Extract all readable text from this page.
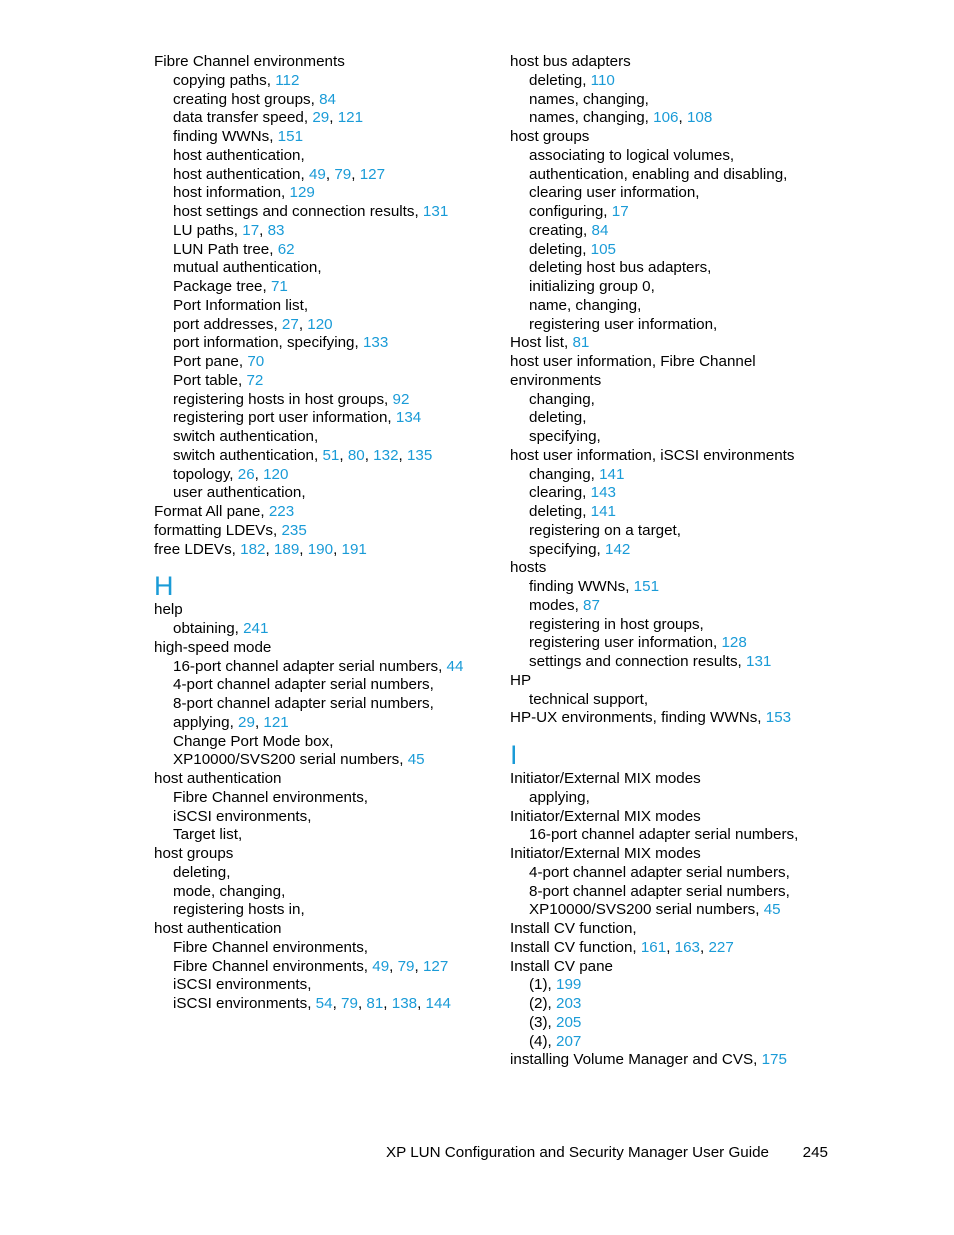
Fibre Channel environments
copying paths, 112
creating host groups, 84
data transfer speed, 29, 121
finding WWNs, 151
host authentication,
host authentication, 49, 79, 127
host information, 129
host settings and connection results, 131
LU paths, 17, 83
LUN Path tree, 62
mutual authentication,
Package tree, 71
Port Information list,
port addresses, 27, 120
port information, specifying, 133
Port pane, 70
Port table, 72
registering hosts in host groups, 92
registering port user information, 134
switch authentication,
switch authentication, 51, 80, 132, 135
topology, 26, 120
user authentication,
Format All pane, 223
formatting LDEVs, 235
free LDEVs, 182, 189, 190, 191
H
help
obtaining, 241
high-speed mode
16-port channel adapter serial numbers, 44
4-port channel adapter serial numbers,
8-port channel adapter serial numbers,
applying, 29, 121
Change Port Mode box,
XP10000/SVS200 serial numbers, 45
host authentication
Fibre Channel environments,
iSCSI environments,
Target list,
host groups
deleting,
mode, changing,
registering hosts in,
host authentication
Fibre Channel environments,
Fibre Channel environments, 49, 79, 127
iSCSI environments,
iSCSI environments, 54, 79, 81, 138, 144
host bus adapters
deleting, 110
names, changing,
names, changing, 106, 108
host groups
associating to logical volumes,
authentication, enabling and disabling,
clearing user information,
configuring, 17
creating, 84
deleting, 105
deleting host bus adapters,
initializing group 0,
name, changing,
registering user information,
Host list, 81
host user information, Fibre Channel
environments
changing,
deleting,
specifying,
host user information, iSCSI environments
changing, 141
clearing, 143
deleting, 141
registering on a target,
specifying, 142
hosts
finding WWNs, 151
modes, 87
registering in host groups,
registering user information, 128
settings and connection results, 131
HP
technical support,
HP-UX environments, finding WWNs, 153
I
Initiator/External MIX modes
applying,
Initiator/External MIX modes
16-port channel adapter serial numbers,
Initiator/External MIX modes
4-port channel adapter serial numbers,
8-port channel adapter serial numbers,
XP10000/SVS200 serial numbers, 45
Install CV function,
Install CV function, 161, 163, 227
Install CV pane
(1), 199
(2), 203
(3), 205
(4), 207
installing Volume Manager and CVS, 175
XP LUN Configuration and Security Manager User Guide 245
